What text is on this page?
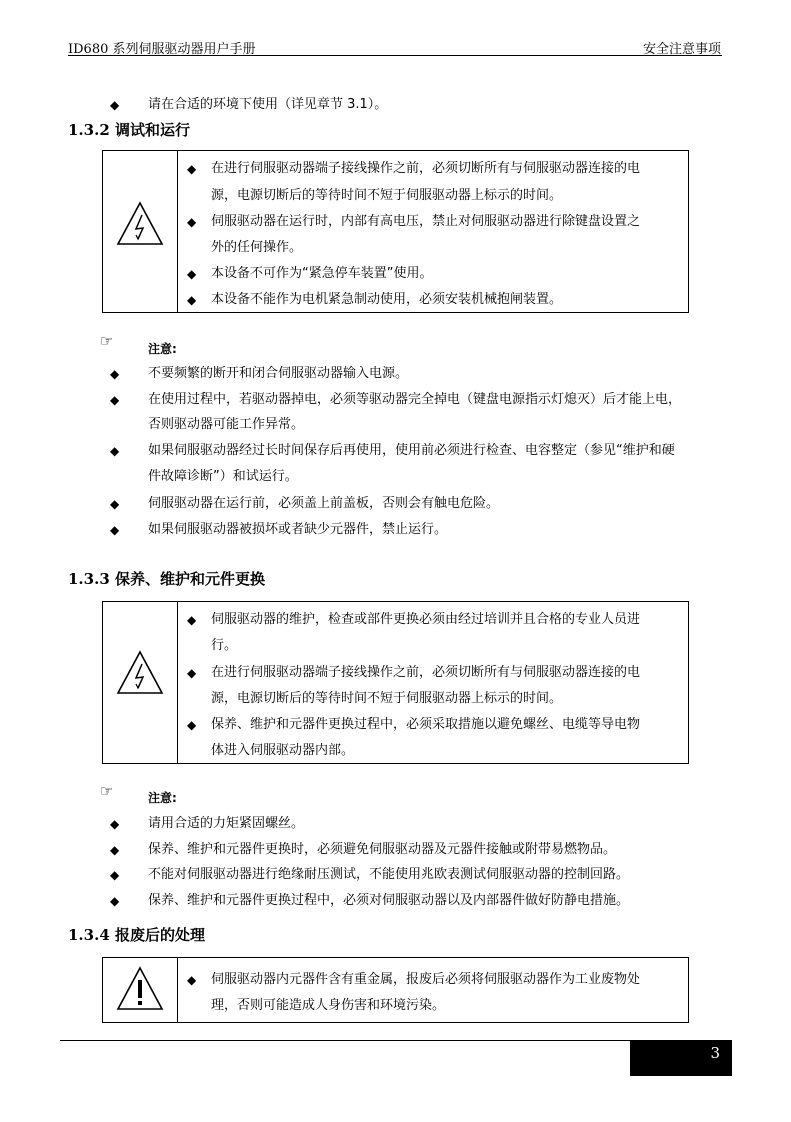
ID680 系列伺服驱动器用户手册	安全注意事项
◆ 请在合适的环境下使用（详见章节 3.1）。
1.3.2 调试和运行
◆ 在进行伺服驱动器端子接线操作之前，必须切断所有与伺服驱动器连接的电
源，电源切断后的等待时间不短于伺服驱动器上标示的时间。
◆ 伺服驱动器在运行时，内部有高电压，禁止对伺服驱动器进行除键盘设置之
外的任何操作。
◆ 本设备不可作为“紧急停车装置”使用。
◆ 本设备不能作为电机紧急制动使用，必须安装机械抱闸装置。
☞	注意:
◆ 不要频繁的断开和闭合伺服驱动器输入电源。
◆ 在使用过程中，若驱动器掉电，必须等驱动器完全掉电（键盘电源指示灯熄灭）后才能上电，
否则驱动器可能工作异常。
◆ 如果伺服驱动器经过长时间保存后再使用，使用前必须进行检查、电容整定（参见“维护和硬
件故障诊断”）和试运行。
◆ 伺服驱动器在运行前，必须盖上前盖板，否则会有触电危险。
◆ 如果伺服驱动器被损坏或者缺少元器件，禁止运行。
1.3.3 保养、维护和元件更换
◆ 伺服驱动器的维护，检查或部件更换必须由经过培训并且合格的专业人员进
行。
◆ 在进行伺服驱动器端子接线操作之前，必须切断所有与伺服驱动器连接的电
源，电源切断后的等待时间不短于伺服驱动器上标示的时间。
◆ 保养、维护和元器件更换过程中，必须采取措施以避免螺丝、电缆等导电物
体进入伺服驱动器内部。
☞	注意:
◆ 请用合适的力矩紧固螺丝。
◆ 保养、维护和元器件更换时，必须避免伺服驱动器及元器件接触或附带易燃物品。
◆ 不能对伺服驱动器进行绝缘耐压测试，不能使用兆欧表测试伺服驱动器的控制回路。
◆ 保养、维护和元器件更换过程中，必须对伺服驱动器以及内部器件做好防静电措施。
1.3.4 报废后的处理
◆ 伺服驱动器内元器件含有重金属，报废后必须将伺服驱动器作为工业废物处
理，否则可能造成人身伤害和环境污染。
3
